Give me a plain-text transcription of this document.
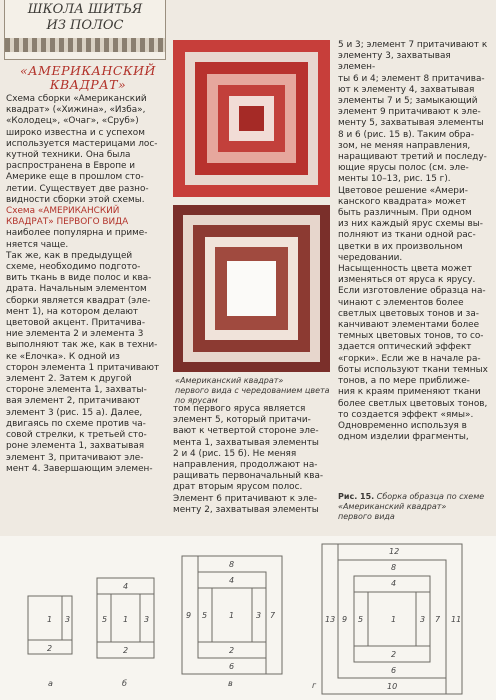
ШКОЛА ШИТЬЯ
ИЗ ПОЛОС
«АМЕРИКАНСКИЙ
КВАДРАТ»

Схема сборки «Американский
квадрат» («Хижина», «Изба»,
«Колодец», «Очаг», «Сруб»)
широко известна и с успехом
используется мастерицами лос-
кутной техники. Она была
распространена в Европе и
Америке еще в прошлом сто-
летии. Существует две разно-
видности сборки этой схемы.

Схема «АМЕРИКАНСКИЙ
КВАДРАТ» ПЕРВОГО ВИДА

наиболее популярна и приме-
няется чаще.

Так же, как в предыдущей
схеме, необходимо подгото-
вить ткань в виде полос и ква-
драта. Начальным элементом
сборки является квадрат (эле-
мент 1), на котором делают
цветовой акцент. Притачива-
ние элемента 2 и элемента 3
выполняют так же, как в техни-
ке «Елочка». К одной из
сторон элемента 1 притачивают
элемент 2. Затем к другой
стороне элемента 1, захваты-
вая элемент 2, притачивают
элемент 3 (рис. 15 а). Далее,
двигаясь по схеме против ча-
совой стрелки, к третьей сто-
роне элемента 1, захватывая
элемент 3, притачивают эле-
мент 4. Завершающим элемен-

«Американский квадрат»
первого вида с чередованием цвета
по ярусам

том первого яруса является
элемент 5, который притачи-
вают к четвертой стороне эле-
мента 1, захватывая элементы
2 и 4 (рис. 15 б). Не меняя
направления, продолжают на-
ращивать первоначальный ква-
драт вторым ярусом полос.
Элемент 6 притачивают к эле-
менту 2, захватывая элементы

5 и 3; элемент 7 притачивают к
элементу 3, захватывая элемен-
ты 6 и 4; элемент 8 притачива-
ют к элементу 4, захватывая
элементы 7 и 5; замыкающий
элемент 9 притачивают к эле-
менту 5, захватывая элементы
8 и 6 (рис. 15 в). Таким обра-
зом, не меняя направления,
наращивают третий и последу-
ющие ярусы полос (см. эле-
менты 10–13, рис. 15 г).

Цветовое решение «Амери-
канского квадрата» может
быть различным. При одном
из них каждый ярус схемы вы-
полняют из ткани одной рас-
цветки в их произвольном
чередовании.

Насыщенность цвета может
изменяться от яруса к ярусу.
Если изготовление образца на-
чинают с элементов более
светлых цветовых тонов и за-
канчивают элементами более
темных цветовых тонов, то со-
здается оптический эффект
«горки». Если же в начале ра-
боты используют ткани темных
тонов, а по мере приближе-
ния к краям применяют ткани
более светлых цветовых тонов,
то создается эффект «ямы».
Одновременно используя в
одном изделии фрагменты,

Рис. 15. Сборка образца по схеме
«Американский квадрат»
первого вида
1
2
3
4
1
5	3
2
8
4
1
9 5	3 7
2
6
12
8
4
1
13 9 5	3 7 11
2
6
10
а	б	в	г
